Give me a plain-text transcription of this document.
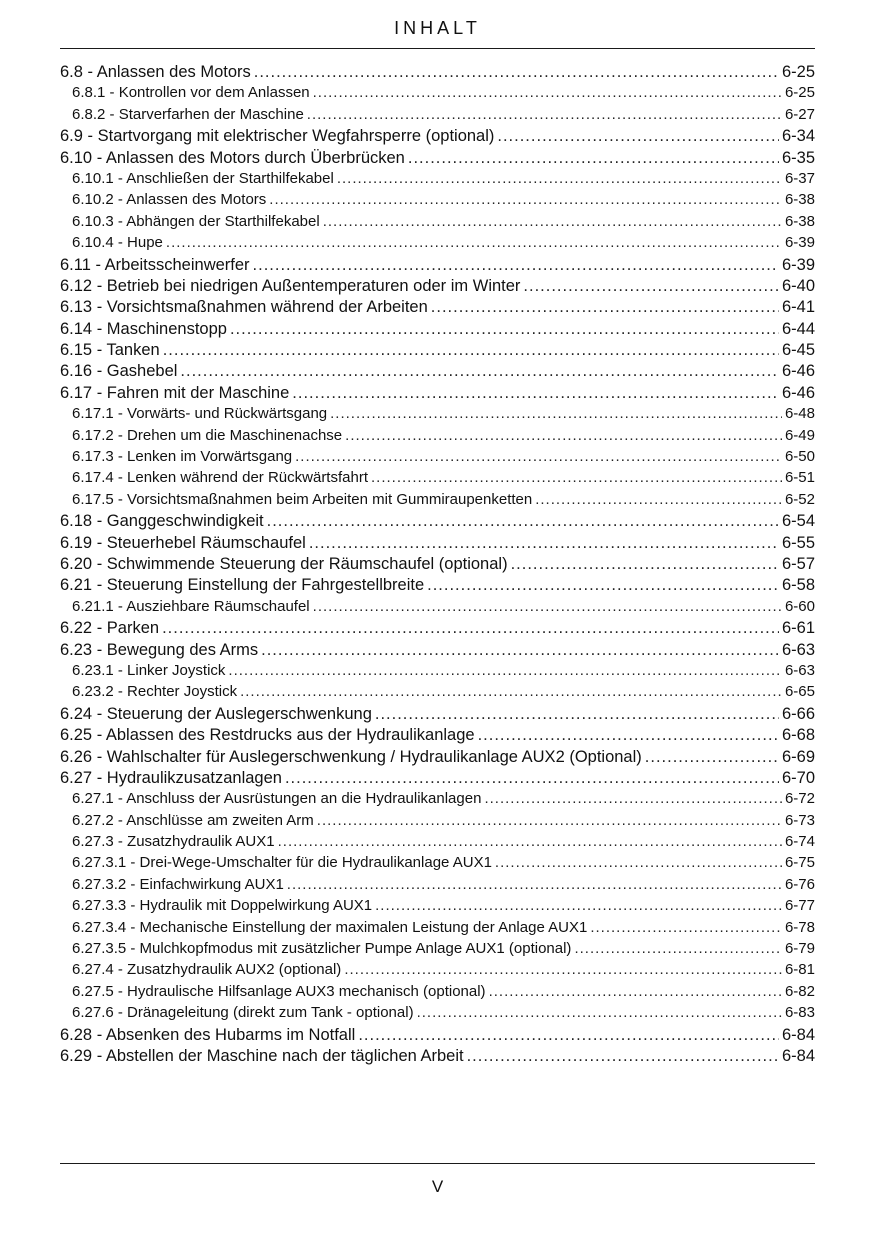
INHALT
6.8 - Anlassen des Motors .....	6-25
6.8.1 - Kontrollen vor dem Anlassen .....	6-25
6.8.2 - Starverfarhen der Maschine .....	6-27
6.9 - Startvorgang mit elektrischer Wegfahrsperre (optional) .....	6-34
6.10 - Anlassen des Motors durch Überbrücken .....	6-35
6.10.1 - Anschließen der Starthilfekabel .....	6-37
6.10.2 - Anlassen des Motors .....	6-38
6.10.3 - Abhängen der Starthilfekabel .....	6-38
6.10.4 - Hupe .....	6-39
6.11 - Arbeitsscheinwerfer .....	6-39
6.12 - Betrieb bei niedrigen Außentemperaturen oder im Winter .....	6-40
6.13 - Vorsichtsmaßnahmen während der Arbeiten .....	6-41
6.14 - Maschinenstopp .....	6-44
6.15 - Tanken .....	6-45
6.16 - Gashebel .....	6-46
6.17 - Fahren mit der Maschine .....	6-46
6.17.1 - Vorwärts- und Rückwärtsgang .....	6-48
6.17.2 - Drehen um die Maschinenachse .....	6-49
6.17.3 - Lenken im Vorwärtsgang .....	6-50
6.17.4 - Lenken während der Rückwärtsfahrt .....	6-51
6.17.5 - Vorsichtsmaßnahmen beim Arbeiten mit Gummiraupenketten .....	6-52
6.18 - Ganggeschwindigkeit .....	6-54
6.19 - Steuerhebel Räumschaufel .....	6-55
6.20 - Schwimmende Steuerung der Räumschaufel (optional) .....	6-57
6.21 - Steuerung Einstellung der Fahrgestellbreite .....	6-58
6.21.1 - Ausziehbare Räumschaufel .....	6-60
6.22 - Parken .....	6-61
6.23 - Bewegung des Arms .....	6-63
6.23.1 - Linker Joystick .....	6-63
6.23.2 - Rechter Joystick .....	6-65
6.24 - Steuerung der Auslegerschwenkung .....	6-66
6.25 - Ablassen des Restdrucks aus der Hydraulikanlage .....	6-68
6.26 - Wahlschalter für Auslegerschwenkung / Hydraulikanlage AUX2 (Optional) .....	6-69
6.27 - Hydraulikzusatzanlagen .....	6-70
6.27.1 - Anschluss der Ausrüstungen an die Hydraulikanlagen .....	6-72
6.27.2 - Anschlüsse am zweiten Arm .....	6-73
6.27.3 - Zusatzhydraulik AUX1 .....	6-74
6.27.3.1 - Drei-Wege-Umschalter für die Hydraulikanlage AUX1 .....	6-75
6.27.3.2 - Einfachwirkung AUX1 .....	6-76
6.27.3.3 - Hydraulik mit Doppelwirkung AUX1 .....	6-77
6.27.3.4 - Mechanische Einstellung der maximalen Leistung der Anlage AUX1 .....	6-78
6.27.3.5 - Mulchkopfmodus mit zusätzlicher Pumpe Anlage AUX1 (optional) .....	6-79
6.27.4 - Zusatzhydraulik AUX2 (optional) .....	6-81
6.27.5 - Hydraulische Hilfsanlage AUX3 mechanisch (optional) .....	6-82
6.27.6 - Dränageleitung (direkt zum Tank - optional) .....	6-83
6.28 - Absenken des Hubarms im Notfall .....	6-84
6.29 - Abstellen der Maschine nach der täglichen Arbeit .....	6-84
V
